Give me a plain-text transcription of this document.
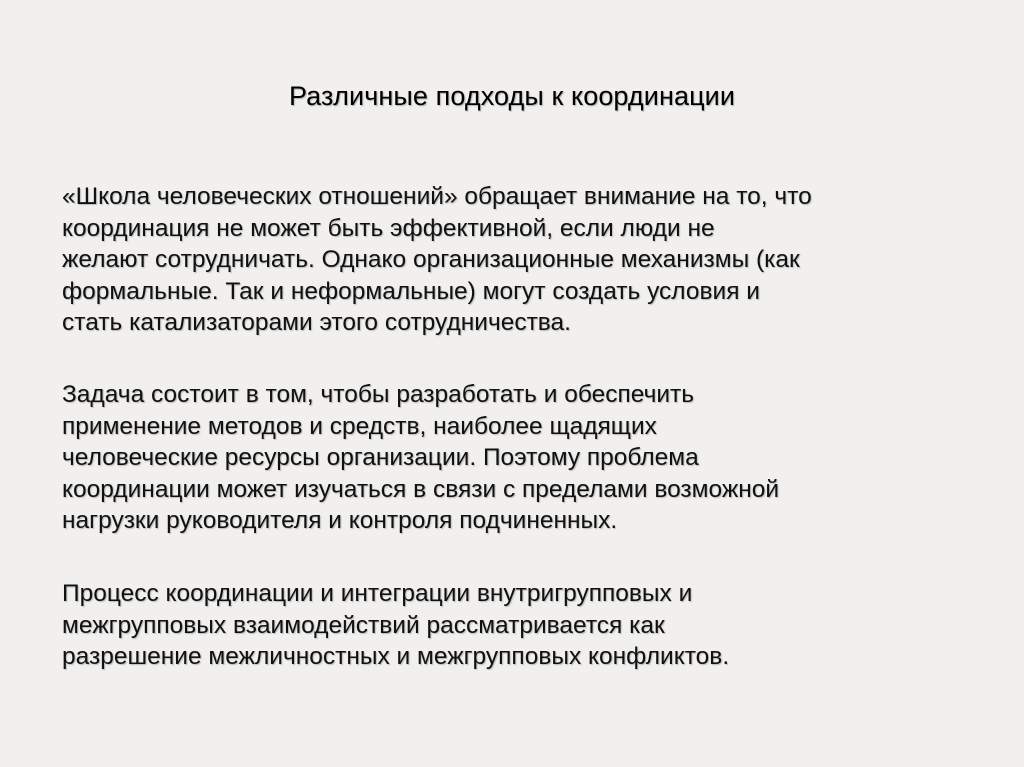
Различные подходы к координации

«Школа человеческих отношений» обращает внимание на то, что
координация не может быть эффективной, если люди не
желают сотрудничать. Однако организационные механизмы (как
формальные. Так и неформальные) могут создать условия и
стать катализаторами этого сотрудничества.

Задача состоит в том, чтобы разработать и обеспечить
применение методов и средств, наиболее щадящих
человеческие ресурсы организации. Поэтому проблема
координации может изучаться в связи с пределами возможной
нагрузки руководителя и контроля подчиненных.

Процесс координации и интеграции внутригрупповых и
межгрупповых взаимодействий рассматривается как
разрешение межличностных и межгрупповых конфликтов.
